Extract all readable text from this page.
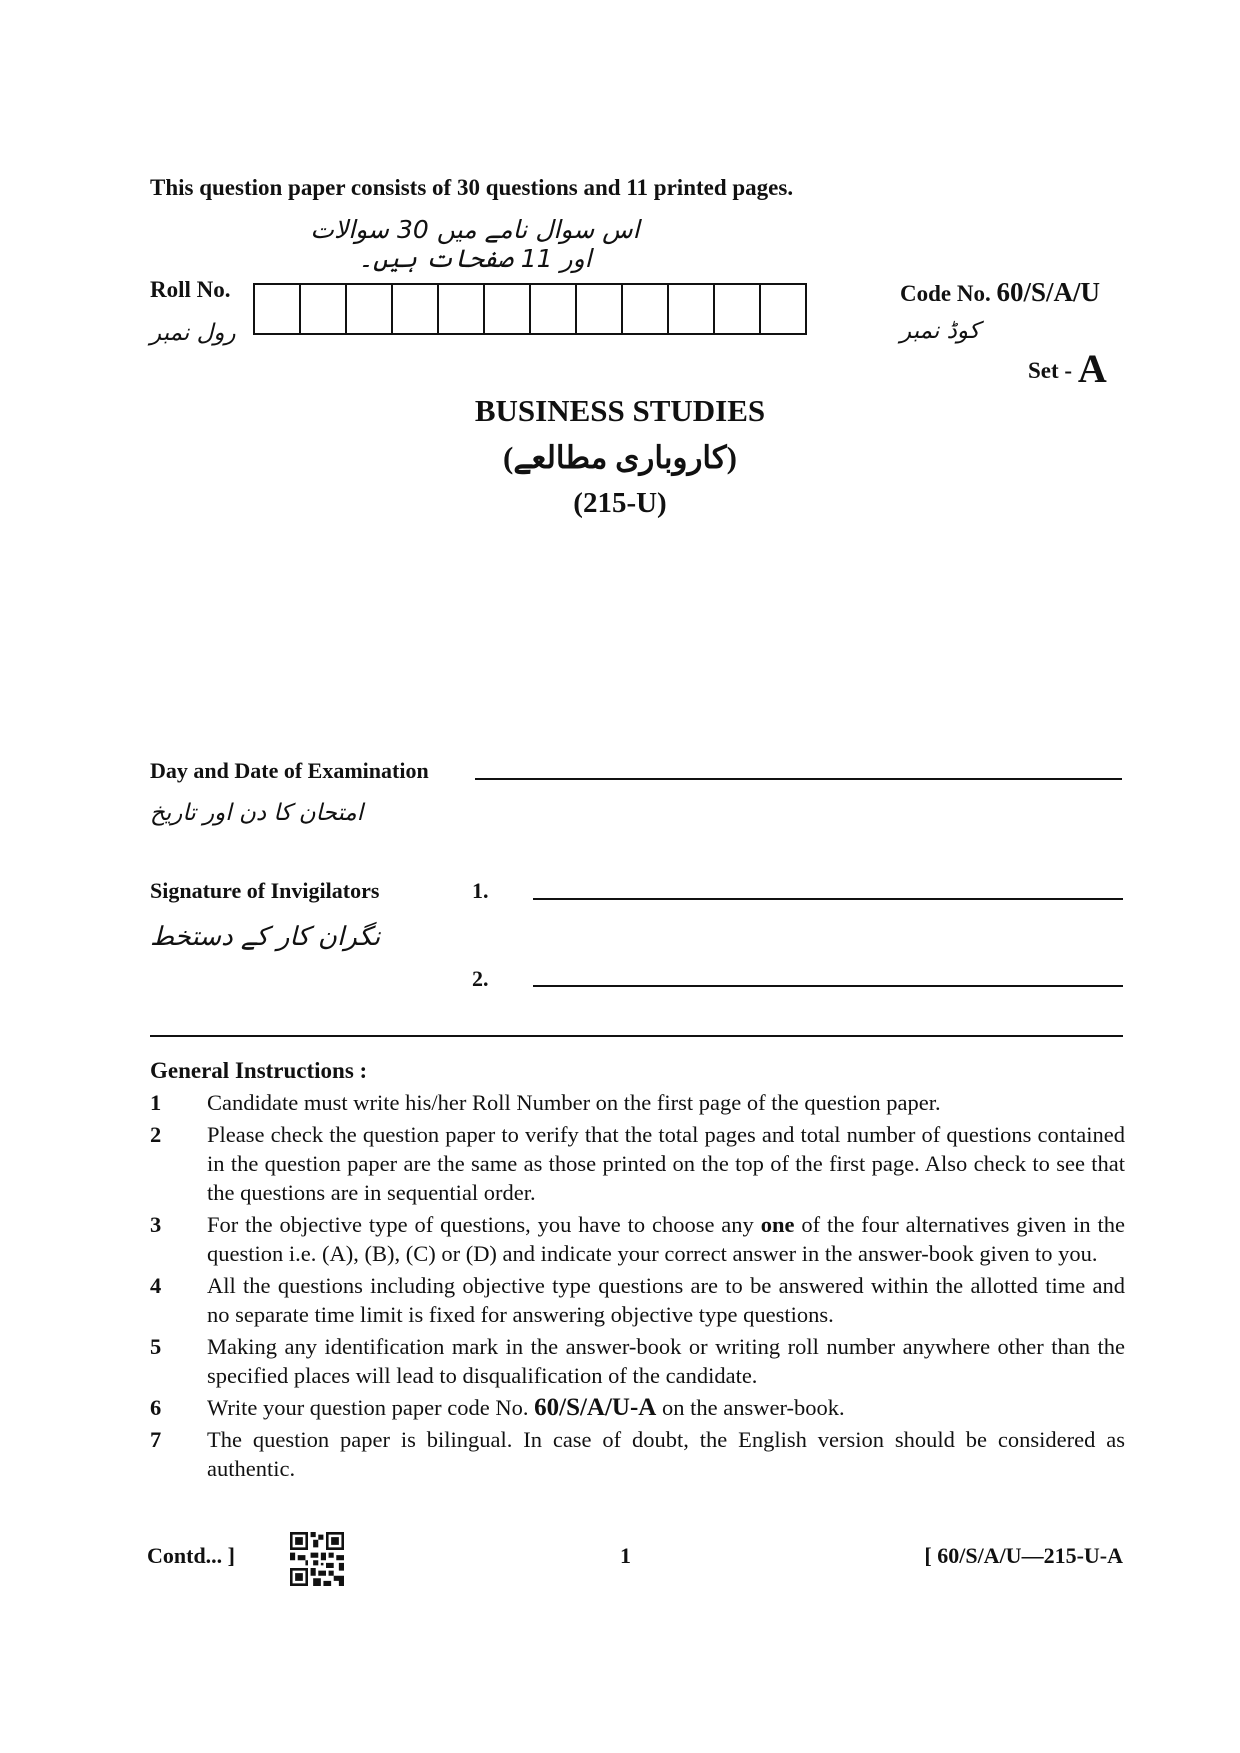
This question paper consists of 30 questions and 11 printed pages.
اس سوال نامے میں 30 سوالات اور 11 صفحات ہیں۔
Roll No.
رول نمبر
Code No. 60/S/A/U
کوڈ نمبر
Set - A
BUSINESS STUDIES
(کاروباری مطالعے)
(215-U)
Day and Date of Examination
امتحان کا دن اور تاریخ
Signature of Invigilators	1.
نگران کار کے دستخط
2.
General Instructions :
1	Candidate must write his/her Roll Number on the first page of the question paper.
2	Please check the question paper to verify that the total pages and total number of questions contained in the question paper are the same as those printed on the top of the first page. Also check to see that the questions are in sequential order.
3	For the objective type of questions, you have to choose any one of the four alternatives given in the question i.e. (A), (B), (C) or (D) and indicate your correct answer in the answer-book given to you.
4	All the questions including objective type questions are to be answered within the allotted time and no separate time limit is fixed for answering objective type questions.
5	Making any identification mark in the answer-book or writing roll number anywhere other than the specified places will lead to disqualification of the candidate.
6	Write your question paper code No. 60/S/A/U-A on the answer-book.
7	The question paper is bilingual. In case of doubt, the English version should be considered as authentic.
Contd... ]	1	[ 60/S/A/U—215-U-A
